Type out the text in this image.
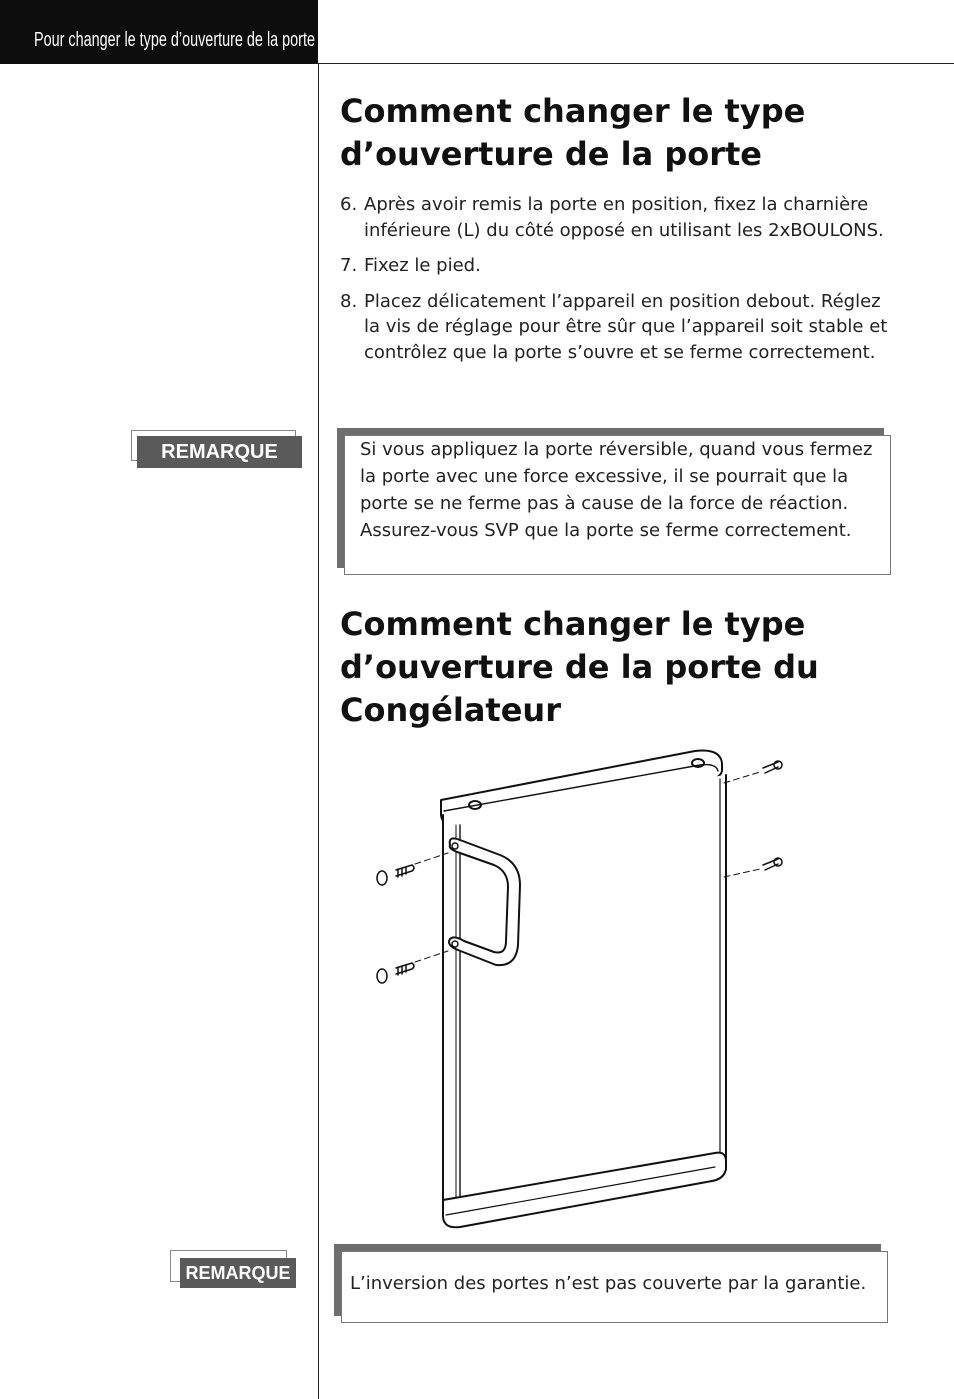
Pour changer le type d’ouverture de la porte
Comment changer le type
d’ouverture de la porte
6. Après avoir remis la porte en position, fixez la charnière inférieure (L) du côté opposé en utilisant les 2xBOULONS.
7. Fixez le pied.
8. Placez délicatement l’appareil en position debout. Réglez la vis de réglage pour être sûr que l’appareil soit stable et contrôlez que la porte s’ouvre et se ferme correctement.
REMARQUE	Si vous appliquez la porte réversible, quand vous fermez la porte avec une force excessive, il se pourrait que la porte se ne ferme pas à cause de la force de réaction. Assurez-vous SVP que la porte se ferme correctement.
Comment changer le type
d’ouverture de la porte du
Congélateur
REMARQUE
L’inversion des portes n’est pas couverte par la garantie.
